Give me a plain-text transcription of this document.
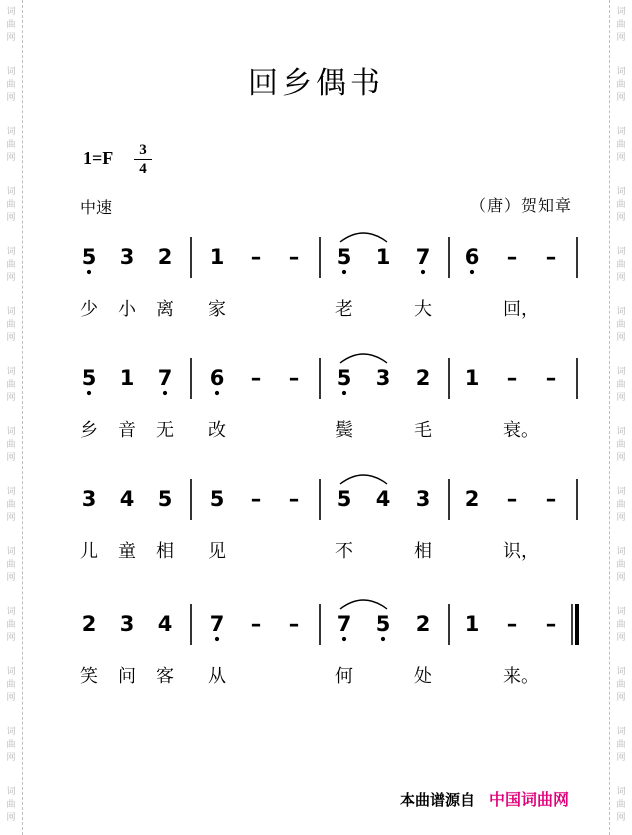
词
曲
网
词
曲
网
词
曲
网
词
曲
网
词
曲
网
词
曲
网
词
曲
网
词
曲
网
词
曲
网
词
曲
网
词
曲
网
词
曲
网
词
曲
网
词
曲
网
词
曲
网
词
曲
网
词
曲
网
词
曲
网
词
曲
网
词
曲
网
词
曲
网
词
曲
网
词
曲
网
词
曲
网
词
曲
网
词
曲
网
词
曲
网
词
曲
网
回乡偶书
1=F	3
4
中速	（唐）贺知章
5 3 2 1 – – 5 1 7 6 – –
5 1 7 6 – – 5 3 2 1 – –
3 4 5 5 – – 5 4 3 2 – –
2 3 4 7 – – 7 5 2 1 – –
少 小 离 家	老	大	回，
乡 音 无 改	鬓	毛	衰。
儿 童 相 见	不	相	识，
笑 问 客 从	何	处	来。
本曲谱源自 中国词曲网
